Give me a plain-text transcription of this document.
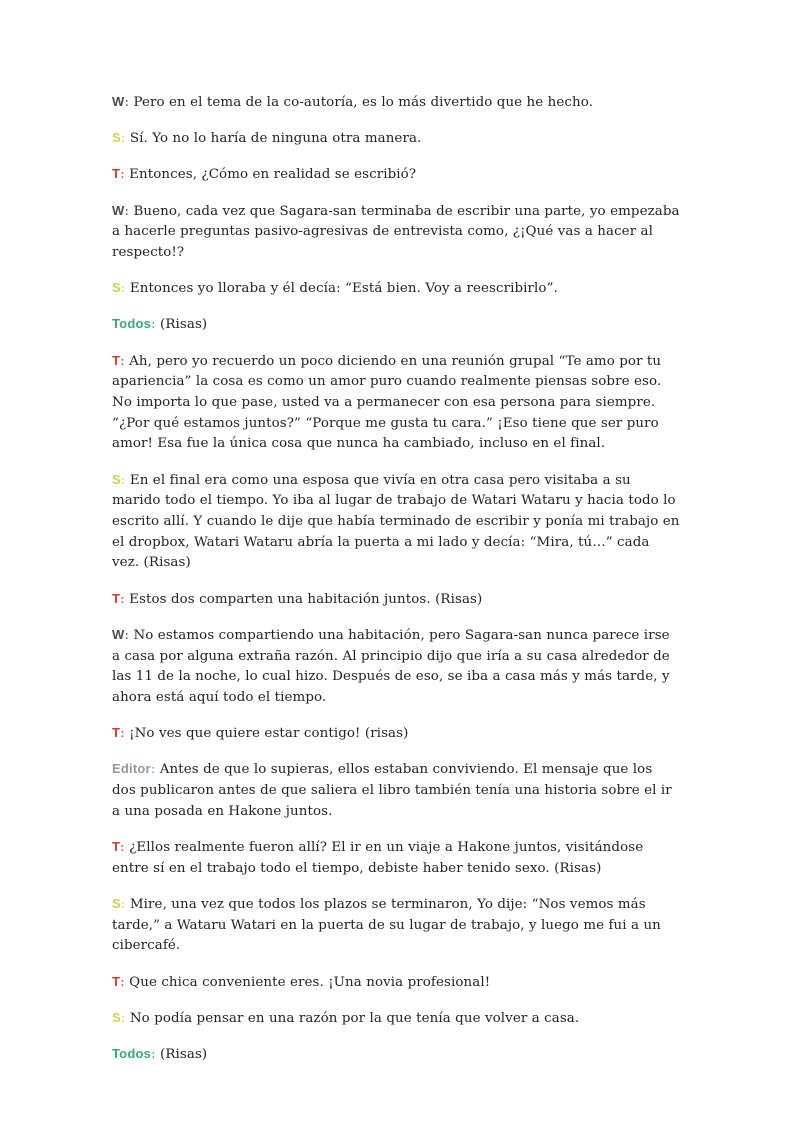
W: Pero en el tema de la co-autoría, es lo más divertido que he hecho.

S: Sí. Yo no lo haría de ninguna otra manera.

T: Entonces, ¿Cómo en realidad se escribió?

W: Bueno, cada vez que Sagara-san terminaba de escribir una parte, yo empezaba a hacerle preguntas pasivo-agresivas de entrevista como, ¿¡Qué vas a hacer al respecto!?

S: Entonces yo lloraba y él decía: “Está bien. Voy a reescribirlo”.

Todos: (Risas)

T: Ah, pero yo recuerdo un poco diciendo en una reunión grupal “Te amo por tu apariencia” la cosa es como un amor puro cuando realmente piensas sobre eso. No importa lo que pase, usted va a permanecer con esa persona para siempre. “¿Por qué estamos juntos?” “Porque me gusta tu cara.” ¡Eso tiene que ser puro amor! Esa fue la única cosa que nunca ha cambiado, incluso en el final.

S: En el final era como una esposa que vivía en otra casa pero visitaba a su marido todo el tiempo. Yo iba al lugar de trabajo de Watari Wataru y hacia todo lo escrito allí. Y cuando le dije que había terminado de escribir y ponía mi trabajo en el dropbox, Watari Wataru abría la puerta a mi lado y decía: “Mira, tú…” cada vez. (Risas)

T: Estos dos comparten una habitación juntos. (Risas)

W: No estamos compartiendo una habitación, pero Sagara-san nunca parece irse a casa por alguna extraña razón. Al principio dijo que iría a su casa alrededor de las 11 de la noche, lo cual hizo. Después de eso, se iba a casa más y más tarde, y ahora está aquí todo el tiempo.

T: ¡No ves que quiere estar contigo! (risas)

Editor: Antes de que lo supieras, ellos estaban conviviendo. El mensaje que los dos publicaron antes de que saliera el libro también tenía una historia sobre el ir a una posada en Hakone juntos.

T: ¿Ellos realmente fueron allí? El ir en un viaje a Hakone juntos, visitándose entre sí en el trabajo todo el tiempo, debiste haber tenido sexo. (Risas)

S: Mire, una vez que todos los plazos se terminaron, Yo dije: “Nos vemos más tarde,” a Wataru Watari en la puerta de su lugar de trabajo, y luego me fui a un cibercafé.

T: Que chica conveniente eres. ¡Una novia profesional!

S: No podía pensar en una razón por la que tenía que volver a casa.

Todos: (Risas)
